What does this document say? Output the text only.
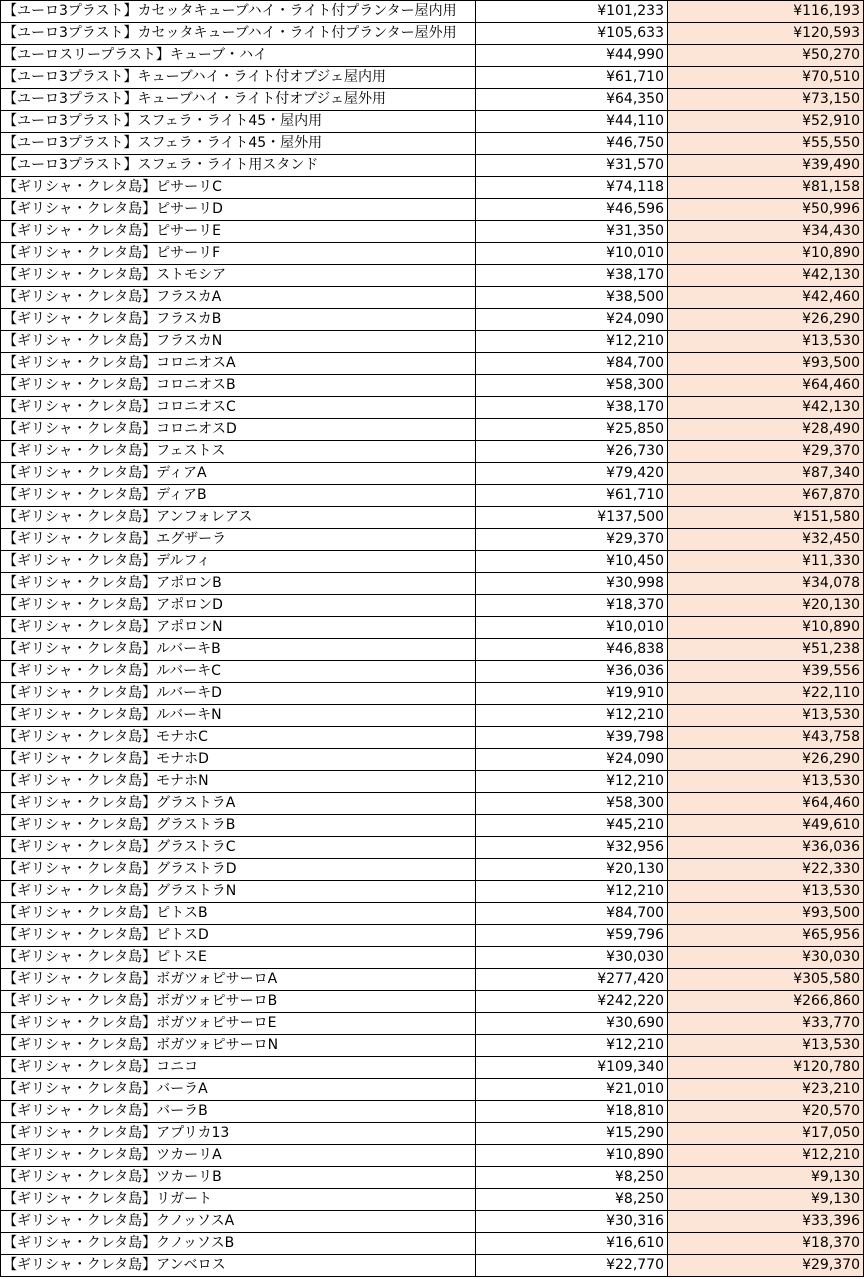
【ユーロ3プラスト】カセッタキューブハイ・ライト付プランター屋内用	¥101,233	¥116,193
【ユーロ3プラスト】カセッタキューブハイ・ライト付プランター屋外用	¥105,633	¥120,593
【ユーロスリープラスト】キューブ・ハイ	¥44,990	¥50,270
【ユーロ3プラスト】キューブハイ・ライト付オブジェ屋内用	¥61,710	¥70,510
【ユーロ3プラスト】キューブハイ・ライト付オブジェ屋外用	¥64,350	¥73,150
【ユーロ3プラスト】スフェラ・ライト45・屋内用	¥44,110	¥52,910
【ユーロ3プラスト】スフェラ・ライト45・屋外用	¥46,750	¥55,550
【ユーロ3プラスト】スフェラ・ライト用スタンド	¥31,570	¥39,490
【ギリシャ・クレタ島】ピサーリC	¥74,118	¥81,158
【ギリシャ・クレタ島】ピサーリD	¥46,596	¥50,996
【ギリシャ・クレタ島】ピサーリE	¥31,350	¥34,430
【ギリシャ・クレタ島】ピサーリF	¥10,010	¥10,890
【ギリシャ・クレタ島】ストモシア	¥38,170	¥42,130
【ギリシャ・クレタ島】フラスカA	¥38,500	¥42,460
【ギリシャ・クレタ島】フラスカB	¥24,090	¥26,290
【ギリシャ・クレタ島】フラスカN	¥12,210	¥13,530
【ギリシャ・クレタ島】コロニオスA	¥84,700	¥93,500
【ギリシャ・クレタ島】コロニオスB	¥58,300	¥64,460
【ギリシャ・クレタ島】コロニオスC	¥38,170	¥42,130
【ギリシャ・クレタ島】コロニオスD	¥25,850	¥28,490
【ギリシャ・クレタ島】フェストス	¥26,730	¥29,370
【ギリシャ・クレタ島】ディアA	¥79,420	¥87,340
【ギリシャ・クレタ島】ディアB	¥61,710	¥67,870
【ギリシャ・クレタ島】アンフォレアス	¥137,500	¥151,580
【ギリシャ・クレタ島】エグザーラ	¥29,370	¥32,450
【ギリシャ・クレタ島】デルフィ	¥10,450	¥11,330
【ギリシャ・クレタ島】アポロンB	¥30,998	¥34,078
【ギリシャ・クレタ島】アポロンD	¥18,370	¥20,130
【ギリシャ・クレタ島】アポロンN	¥10,010	¥10,890
【ギリシャ・クレタ島】ルバーキB	¥46,838	¥51,238
【ギリシャ・クレタ島】ルバーキC	¥36,036	¥39,556
【ギリシャ・クレタ島】ルバーキD	¥19,910	¥22,110
【ギリシャ・クレタ島】ルバーキN	¥12,210	¥13,530
【ギリシャ・クレタ島】モナホC	¥39,798	¥43,758
【ギリシャ・クレタ島】モナホD	¥24,090	¥26,290
【ギリシャ・クレタ島】モナホN	¥12,210	¥13,530
【ギリシャ・クレタ島】グラストラA	¥58,300	¥64,460
【ギリシャ・クレタ島】グラストラB	¥45,210	¥49,610
【ギリシャ・クレタ島】グラストラC	¥32,956	¥36,036
【ギリシャ・クレタ島】グラストラD	¥20,130	¥22,330
【ギリシャ・クレタ島】グラストラN	¥12,210	¥13,530
【ギリシャ・クレタ島】ピトスB	¥84,700	¥93,500
【ギリシャ・クレタ島】ピトスD	¥59,796	¥65,956
【ギリシャ・クレタ島】ピトスE	¥30,030	¥30,030
【ギリシャ・クレタ島】ボガツォピサーロA	¥277,420	¥305,580
【ギリシャ・クレタ島】ボガツォピサーロB	¥242,220	¥266,860
【ギリシャ・クレタ島】ボガツォピサーロE	¥30,690	¥33,770
【ギリシャ・クレタ島】ボガツォピサーロN	¥12,210	¥13,530
【ギリシャ・クレタ島】コニコ	¥109,340	¥120,780
【ギリシャ・クレタ島】バーラA	¥21,010	¥23,210
【ギリシャ・クレタ島】バーラB	¥18,810	¥20,570
【ギリシャ・クレタ島】アプリカ13	¥15,290	¥17,050
【ギリシャ・クレタ島】ツカーリA	¥10,890	¥12,210
【ギリシャ・クレタ島】ツカーリB	¥8,250	¥9,130
【ギリシャ・クレタ島】リガート	¥8,250	¥9,130
【ギリシャ・クレタ島】クノッソスA	¥30,316	¥33,396
【ギリシャ・クレタ島】クノッソスB	¥16,610	¥18,370
【ギリシャ・クレタ島】アンベロス	¥22,770	¥29,370
